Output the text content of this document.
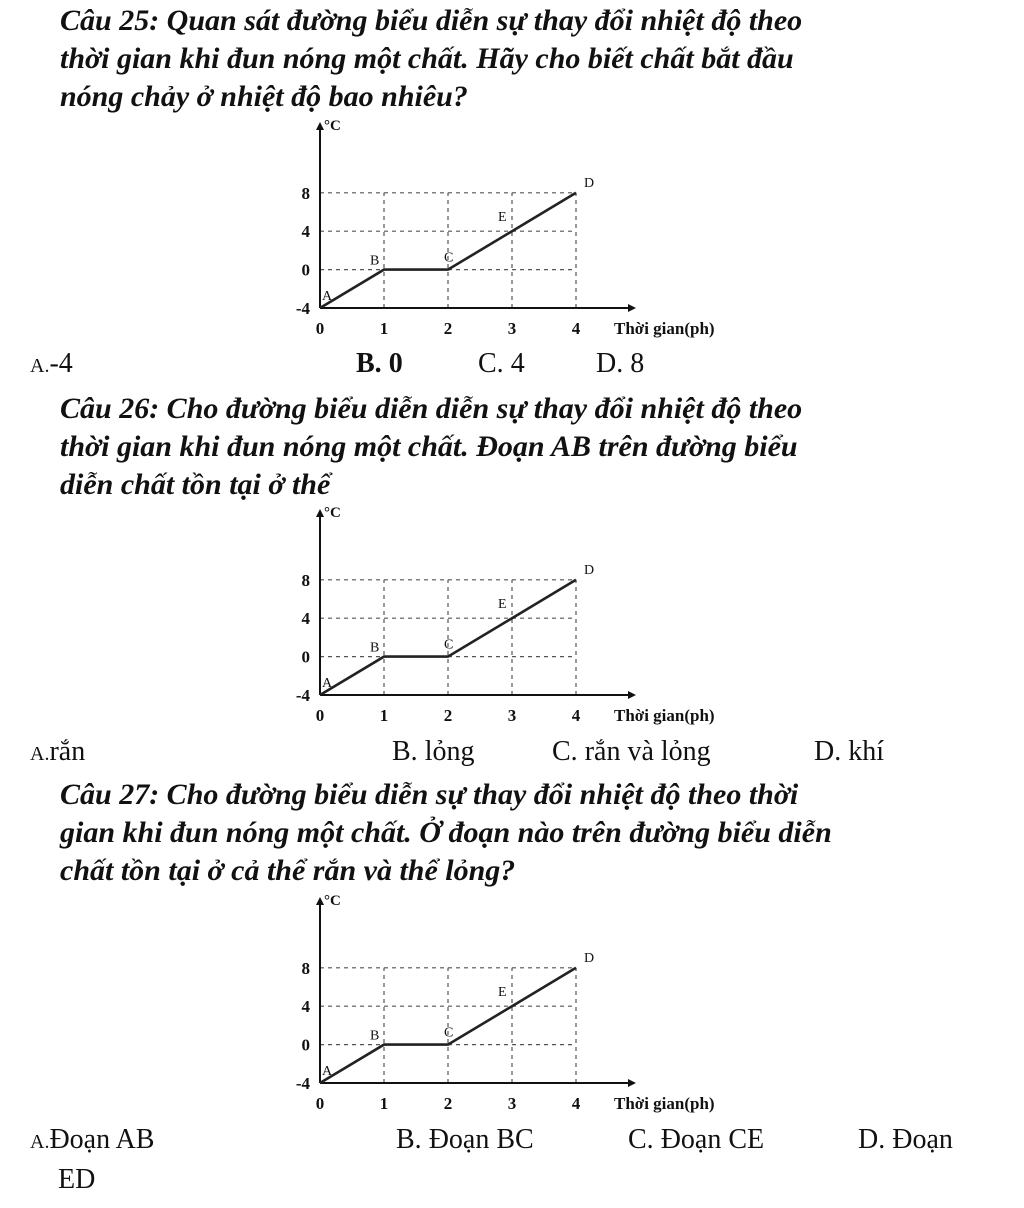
Câu 25: Quan sát đường biểu diễn sự thay đổi nhiệt độ theo
thời gian khi đun nóng một chất. Hãy cho biết chất bắt đầu
nóng chảy ở nhiệt độ bao nhiêu?
°C
-4
0
4
8
0	1	2	3	4 Thời gian(ph)
A
B	C
E
D
A.-4	B. 0	C. 4	D. 8
Câu 26: Cho đường biểu diễn diễn sự thay đổi nhiệt độ theo
thời gian khi đun nóng một chất. Đoạn AB trên đường biểu
diễn chất tồn tại ở thể
°C
-4
0
4
8
0	1	2	3	4 Thời gian(ph)
A
B	C
E
D
A.rắn	B. lỏng	C. rắn và lỏng	D. khí
Câu 27: Cho đường biểu diễn sự thay đổi nhiệt độ theo thời
gian khi đun nóng một chất. Ở đoạn nào trên đường biểu diễn
chất tồn tại ở cả thể rắn và thể lỏng?
°C
-4
0
4
8
0	1	2	3	4 Thời gian(ph)
A
B	C
E
D
A.Đoạn AB	B. Đoạn BC	C. Đoạn CE	D. Đoạn
ED
